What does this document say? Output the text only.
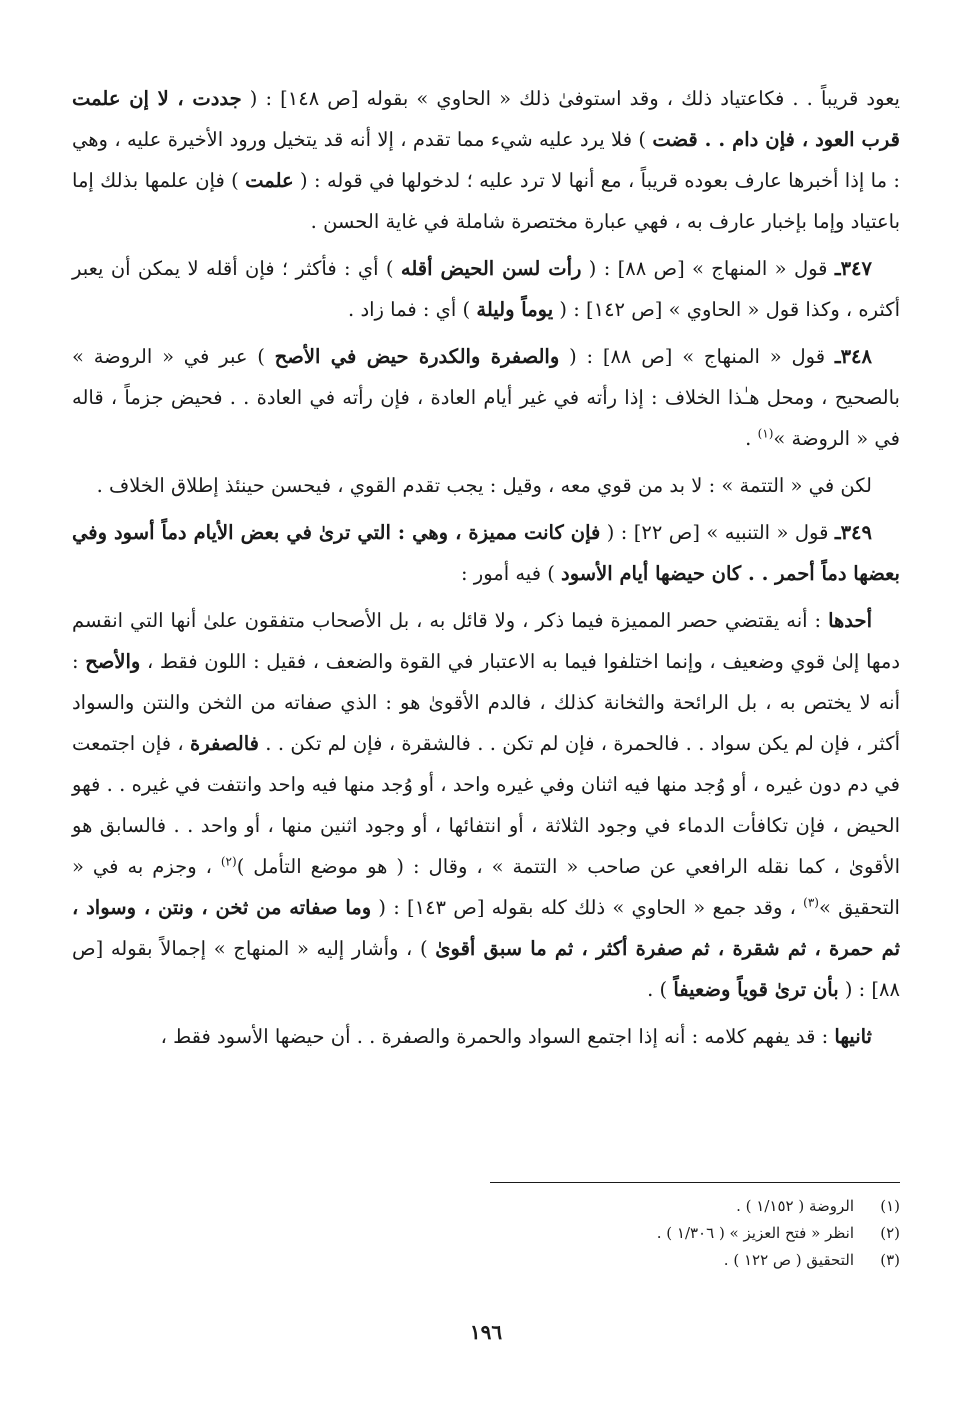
يعود قريباً . . فكاعتياد ذلك ، وقد استوفىٰ ذلك « الحاوي » بقوله [ص ١٤٨] : ( جددت ، لا إن علمت قرب العود ، فإن دام . . قضت ) فلا يرد عليه شيء مما تقدم ، إلا أنه قد يتخيل ورود الأخيرة عليه ، وهي : ما إذا أخبرها عارف بعوده قريباً ، مع أنها لا ترد عليه ؛ لدخولها في قوله : ( علمت ) فإن علمها بذلك إما باعتياد وإما بإخبار عارف به ، فهي عبارة مختصرة شاملة في غاية الحسن .

٣٤٧ـ قول « المنهاج » [ص ٨٨] : ( رأت لسن الحيض أقله ) أي : فأكثر ؛ فإن أقله لا يمكن أن يعبر أكثره ، وكذا قول « الحاوي » [ص ١٤٢] : ( يوماً وليلة ) أي : فما زاد .

٣٤٨ـ قول « المنهاج » [ص ٨٨] : ( والصفرة والكدرة حيض في الأصح ) عبر في « الروضة » بالصحيح ، ومحل هـٰذا الخلاف : إذا رأته في غير أيام العادة ، فإن رأته في العادة . . فحيض جزماً ، قاله في « الروضة »$^{(١)}$ .

لكن في « التتمة » : لا بد من قوي معه ، وقيل : يجب تقدم القوي ، فيحسن حينئذ إطلاق الخلاف .

٣٤٩ـ قول « التنبيه » [ص ٢٢] : ( فإن كانت مميزة ، وهي : التي ترىٰ في بعض الأيام دماً أسود وفي بعضها دماً أحمر . . كان حيضها أيام الأسود ) فيه أمور :

أحدها : أنه يقتضي حصر المميزة فيما ذكر ، ولا قائل به ، بل الأصحاب متفقون علىٰ أنها التي انقسم دمها إلىٰ قوي وضعيف ، وإنما اختلفوا فيما به الاعتبار في القوة والضعف ، فقيل : اللون فقط ، والأصح : أنه لا يختص به ، بل الرائحة والثخانة كذلك ، فالدم الأقوىٰ هو : الذي صفاته من الثخن والنتن والسواد أكثر ، فإن لم يكن سواد . . فالحمرة ، فإن لم تكن . . فالشقرة ، فإن لم تكن . . فالصفرة ، فإن اجتمعت في دم دون غيره ، أو وُجد منها فيه اثنان وفي غيره واحد ، أو وُجد منها فيه واحد وانتفت في غيره . . فهو الحيض ، فإن تكافأت الدماء في وجود الثلاثة ، أو انتفائها ، أو وجود اثنين منها ، أو واحد . . فالسابق هو الأقوىٰ ، كما نقله الرافعي عن صاحب « التتمة » ، وقال : ( هو موضع التأمل )$^{(٢)}$ ، وجزم به في « التحقيق »$^{(٣)}$ ، وقد جمع « الحاوي » ذلك كله بقوله [ص ١٤٣] : ( وما صفاته من ثخن ، ونتن ، وسواد ، ثم حمرة ، ثم شقرة ، ثم صفرة أكثر ، ثم ما سبق أقوىٰ ) ، وأشار إليه « المنهاج » إجمالاً بقوله [ص ٨٨] : ( بأن ترىٰ قوياً وضعيفاً ) .

ثانيها : قد يفهم كلامه : أنه إذا اجتمع السواد والحمرة والصفرة . . أن حيضها الأسود فقط ،

(١)الروضة ( ١/١٥٢ ) .
(٢)انظر « فتح العزيز » ( ١/٣٠٦ ) .
(٣)التحقيق ( ص ١٢٢ ) .
١٩٦
